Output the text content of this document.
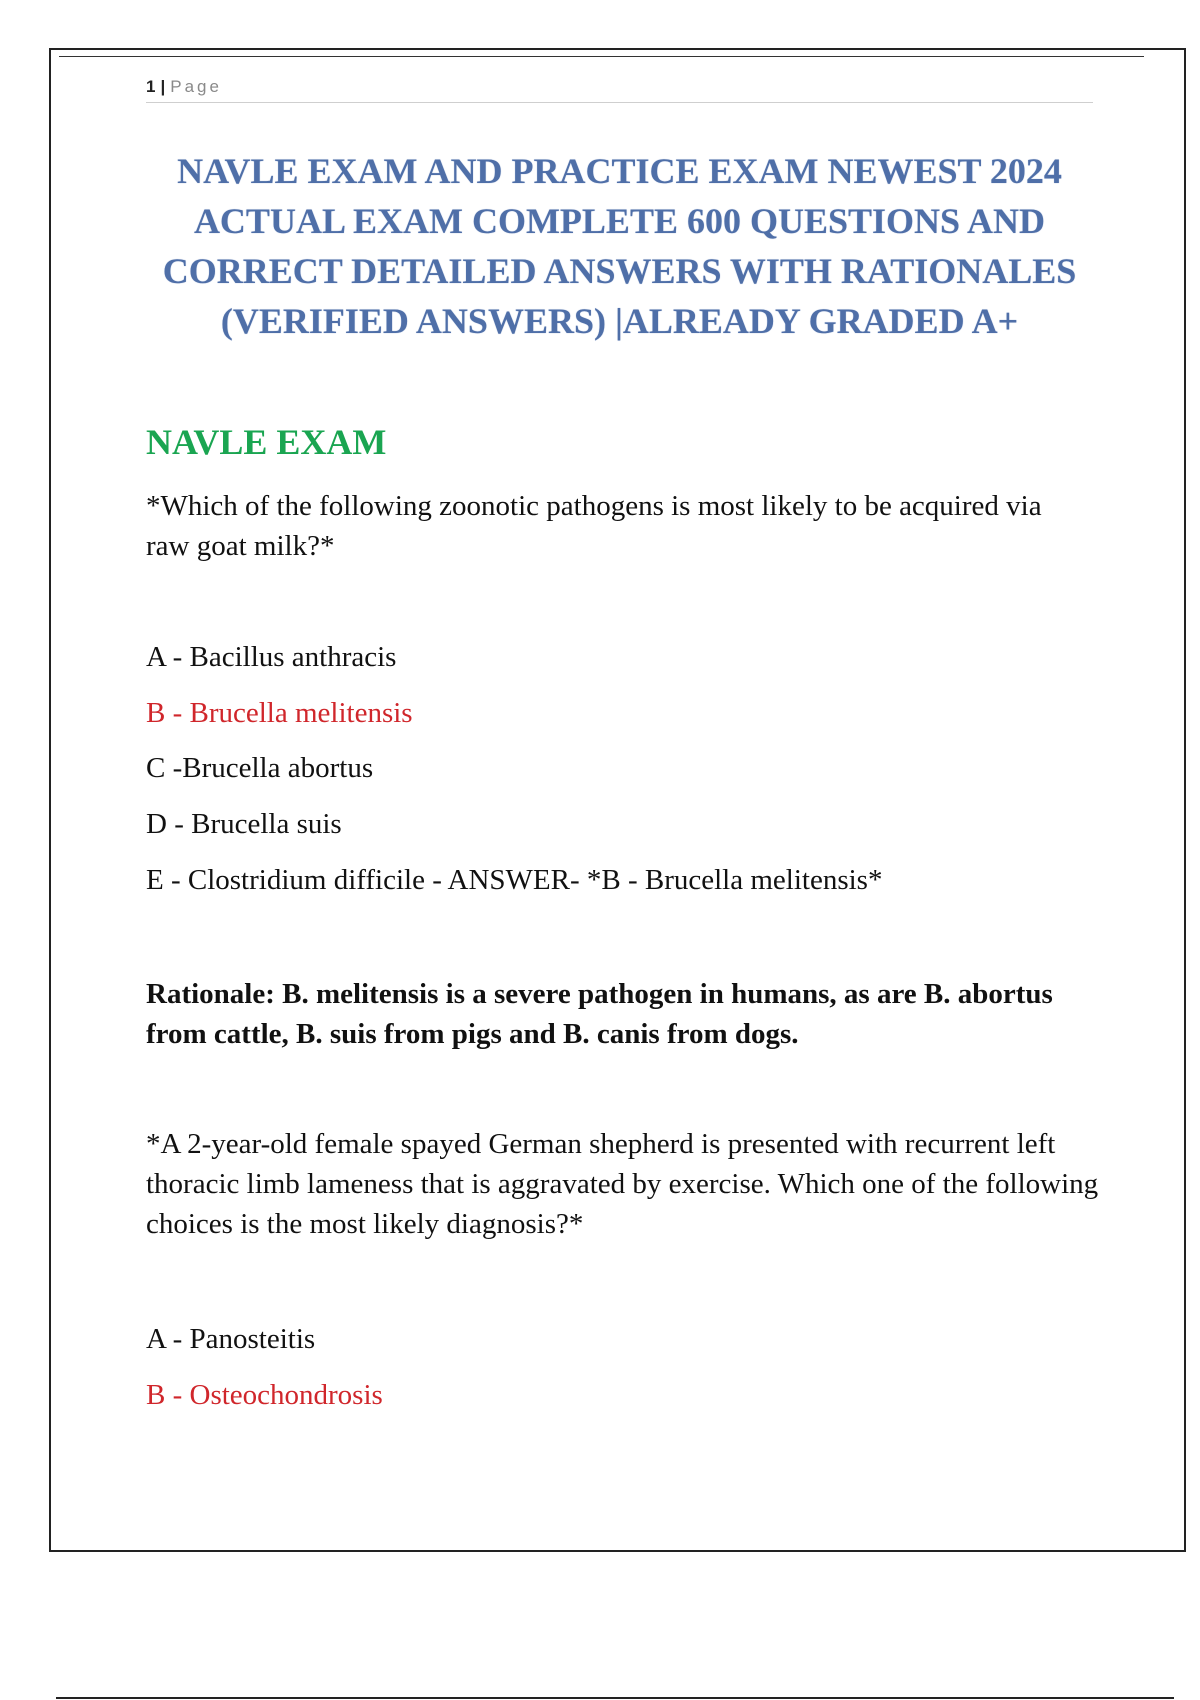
1 | Page
NAVLE EXAM AND PRACTICE EXAM NEWEST 2024 ACTUAL EXAM COMPLETE 600 QUESTIONS AND CORRECT DETAILED ANSWERS WITH RATIONALES (VERIFIED ANSWERS) |ALREADY GRADED A+
NAVLE EXAM
*Which of the following zoonotic pathogens is most likely to be acquired via raw goat milk?*
A - Bacillus anthracis
B - Brucella melitensis
C -Brucella abortus
D - Brucella suis
E - Clostridium difficile - ANSWER- *B - Brucella melitensis*
Rationale: B. melitensis is a severe pathogen in humans, as are B. abortus from cattle, B. suis from pigs and B. canis from dogs.
*A 2-year-old female spayed German shepherd is presented with recurrent left thoracic limb lameness that is aggravated by exercise. Which one of the following choices is the most likely diagnosis?*
A - Panosteitis
B - Osteochondrosis
